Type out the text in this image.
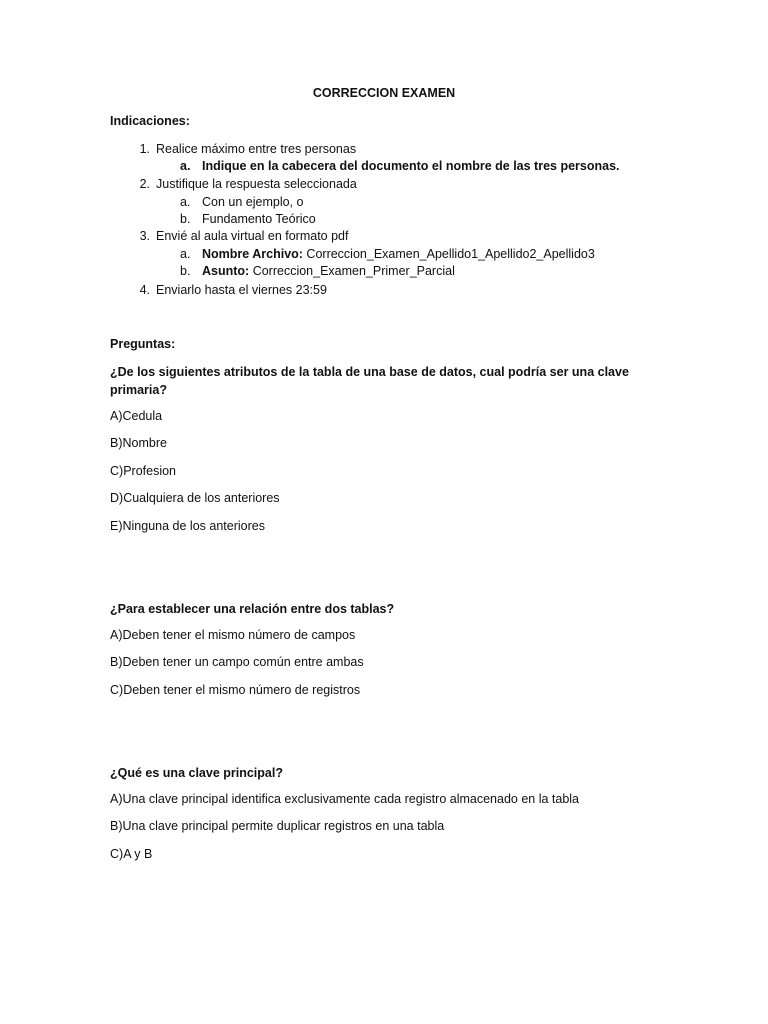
CORRECCION EXAMEN
Indicaciones:
1. Realice máximo entre tres personas
a. Indique en la cabecera del documento el nombre de las tres personas.
2. Justifique la respuesta seleccionada
a. Con un ejemplo, o
b. Fundamento Teórico
3. Envié al aula virtual en formato pdf
a. Nombre Archivo: Correccion_Examen_Apellido1_Apellido2_Apellido3
b. Asunto: Correccion_Examen_Primer_Parcial
4. Enviarlo hasta el viernes 23:59
Preguntas:
¿De los siguientes atributos de la tabla de una base de datos, cual podría ser una clave primaria?
A)Cedula
B)Nombre
C)Profesion
D)Cualquiera de los anteriores
E)Ninguna de los anteriores
¿Para establecer una relación entre dos tablas?
A)Deben tener el mismo número de campos
B)Deben tener un campo común entre ambas
C)Deben tener el mismo número de registros
¿Qué es una clave principal?
A)Una clave principal identifica exclusivamente cada registro almacenado en la tabla
B)Una clave principal permite duplicar registros en una tabla
C)A y B
